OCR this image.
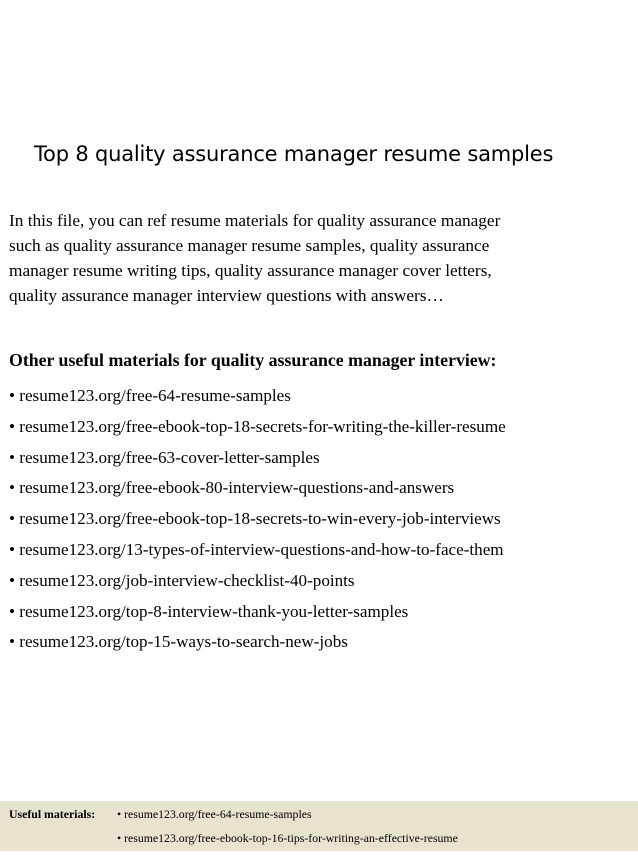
Top 8 quality assurance manager resume samples

In this file, you can ref resume materials for quality assurance manager
such as quality assurance manager resume samples, quality assurance
manager resume writing tips, quality assurance manager cover letters,
quality assurance manager interview questions with answers…

Other useful materials for quality assurance manager interview:
• resume123.org/free-64-resume-samples
• resume123.org/free-ebook-top-18-secrets-for-writing-the-killer-resume
• resume123.org/free-63-cover-letter-samples
• resume123.org/free-ebook-80-interview-questions-and-answers
• resume123.org/free-ebook-top-18-secrets-to-win-every-job-interviews
• resume123.org/13-types-of-interview-questions-and-how-to-face-them
• resume123.org/job-interview-checklist-40-points
• resume123.org/top-8-interview-thank-you-letter-samples
• resume123.org/top-15-ways-to-search-new-jobs
Useful materials: • resume123.org/free-64-resume-samples
• resume123.org/free-ebook-top-16-tips-for-writing-an-effective-resume
